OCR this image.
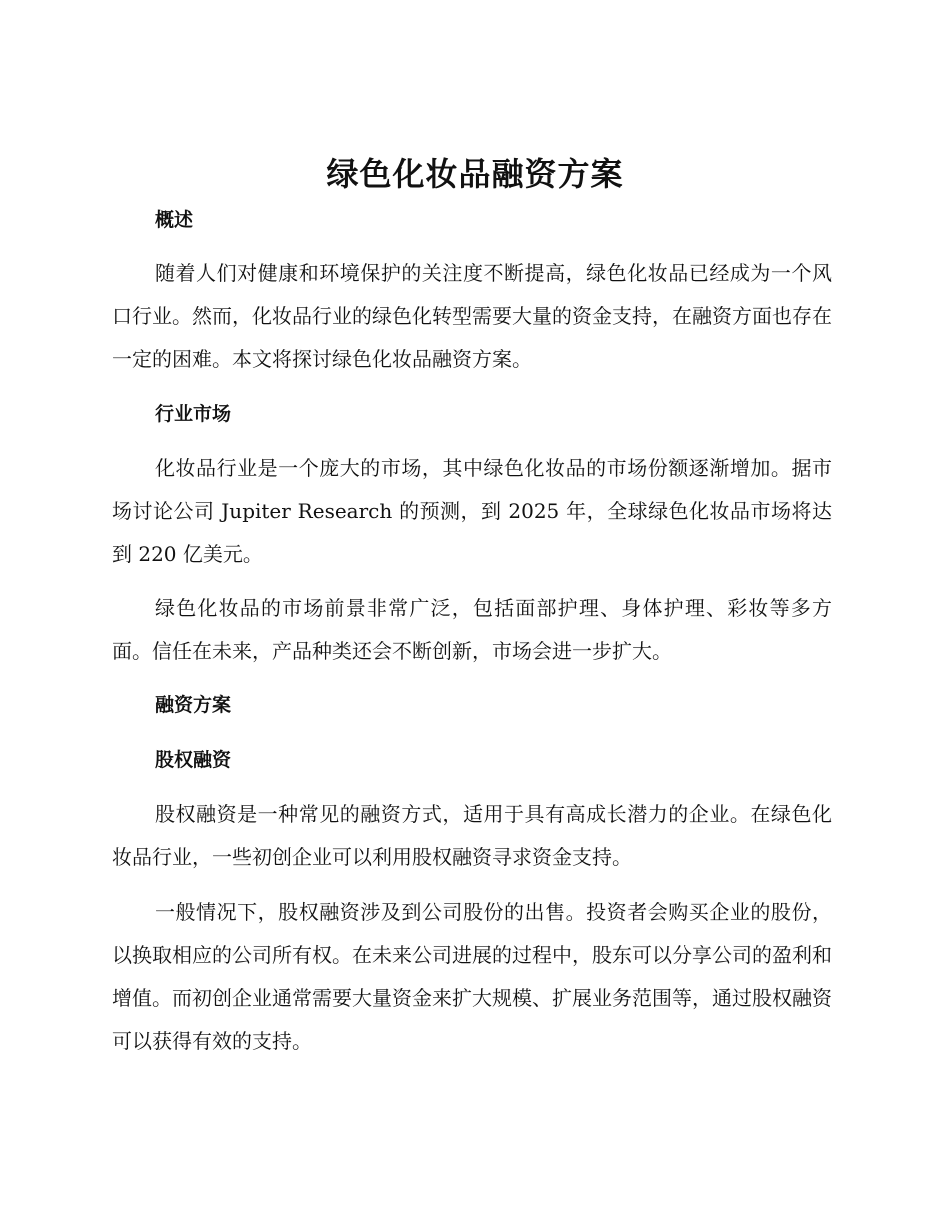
绿色化妆品融资方案
概述

随着人们对健康和环境保护的关注度不断提高，绿色化妆品已经成为一个风口行业。然而，化妆品行业的绿色化转型需要大量的资金支持，在融资方面也存在一定的困难。本文将探讨绿色化妆品融资方案。

行业市场

化妆品行业是一个庞大的市场，其中绿色化妆品的市场份额逐渐增加。据市场讨论公司 Jupiter Research 的预测，到 2025 年，全球绿色化妆品市场将达到 220 亿美元。

绿色化妆品的市场前景非常广泛，包括面部护理、身体护理、彩妆等多方面。信任在未来，产品种类还会不断创新，市场会进一步扩大。

融资方案
股权融资

股权融资是一种常见的融资方式，适用于具有高成长潜力的企业。在绿色化妆品行业，一些初创企业可以利用股权融资寻求资金支持。

一般情况下，股权融资涉及到公司股份的出售。投资者会购买企业的股份，以换取相应的公司所有权。在未来公司进展的过程中，股东可以分享公司的盈利和增值。而初创企业通常需要大量资金来扩大规模、扩展业务范围等，通过股权融资可以获得有效的支持。
